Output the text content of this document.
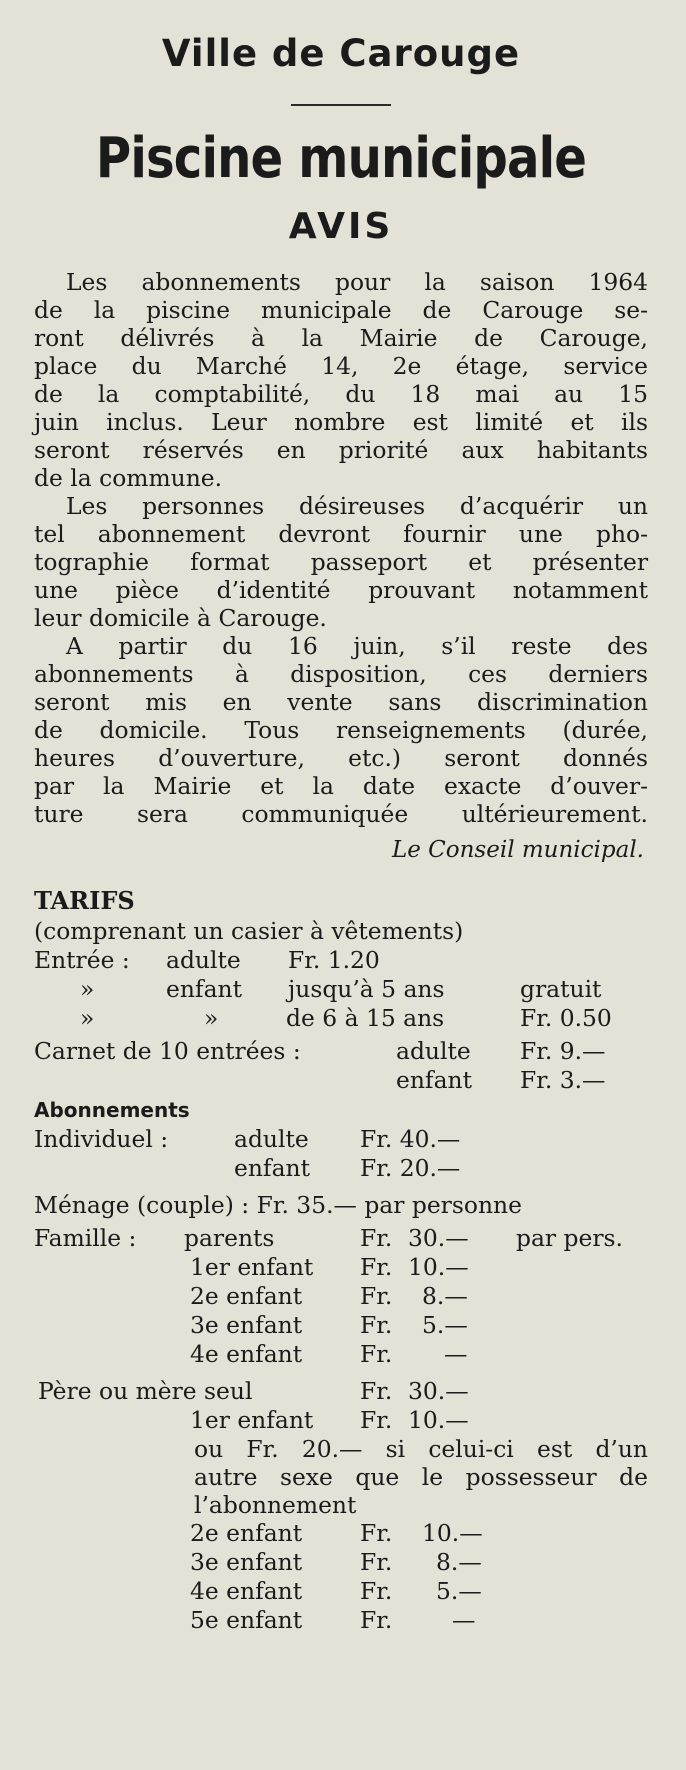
Ville de Carouge
Piscine municipale
AVIS
Les abonnements pour la saison 1964
de la piscine municipale de Carouge se-
ront délivrés à la Mairie de Carouge,
place du Marché 14, 2e étage, service
de la comptabilité, du 18 mai au 15
juin inclus. Leur nombre est limité et ils
seront réservés en priorité aux habitants
de la commune.
Les personnes désireuses d’acquérir un
tel abonnement devront fournir une pho-
tographie format passeport et présenter
une pièce d’identité prouvant notamment
leur domicile à Carouge.
A partir du 16 juin, s’il reste des
abonnements à disposition, ces derniers
seront mis en vente sans discrimination
de domicile. Tous renseignements (durée,
heures d’ouverture, etc.) seront donnés
par la Mairie et la date exacte d’ouver-
ture sera communiquée ultérieurement.
Le Conseil municipal.
TARIFS
(comprenant un casier à vêtements)
Entrée : adulte Fr. 1.20
»	enfant jusqu’à 5 ans	gratuit
»	»	de 6 à 15 ans	Fr. 0.50
Carnet de 10 entrées :	adulte Fr. 9.—
enfant Fr. 3.—
Abonnements
Individuel :	adulte Fr. 40.—
enfant Fr. 20.—
Ménage (couple) : Fr. 35.— par personne
Famille : parents	Fr. 30.— par pers.
1er enfant Fr. 10.—
2e enfant Fr. 8.—
3e enfant Fr. 5.—
4e enfant Fr. —
Père ou mère seul	Fr. 30.—
1er enfant Fr. 10.—
ou Fr. 20.— si celui-ci est d’un
autre sexe que le possesseur de
l’abonnement
2e enfant Fr. 10.—
3e enfant Fr. 8.—
4e enfant Fr. 5.—
5e enfant Fr.	—
